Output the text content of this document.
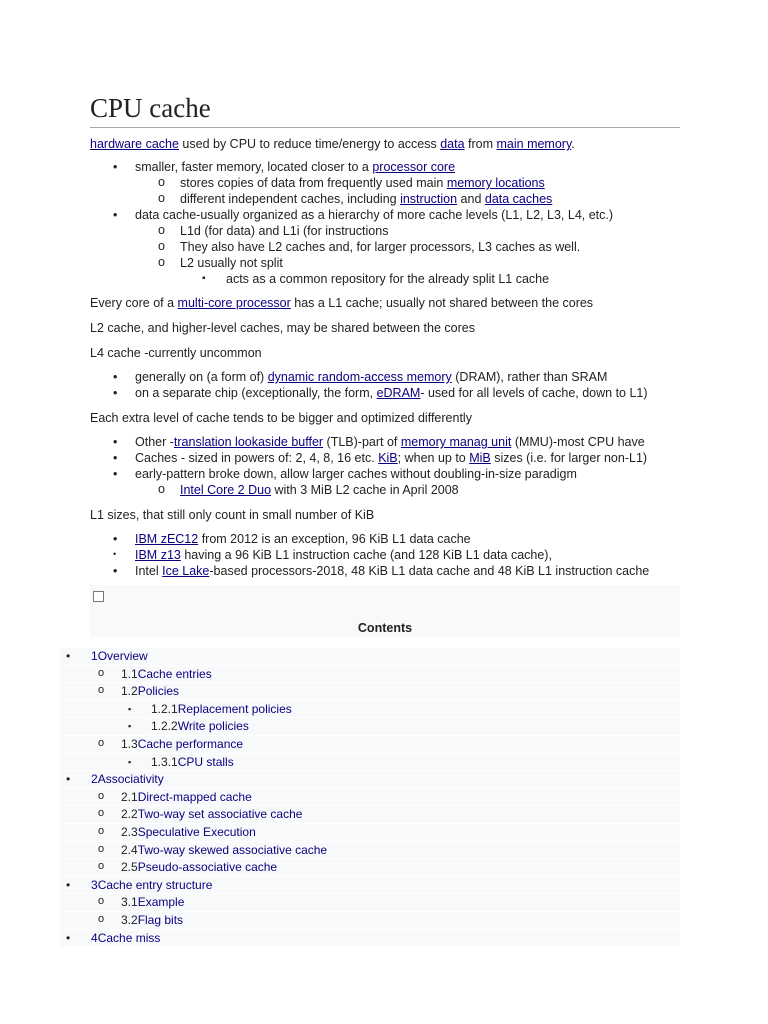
CPU cache

hardware cache used by CPU to reduce time/energy to access data from main memory.

• smaller, faster memory, located closer to a processor core
o stores copies of data from frequently used main memory locations
o different independent caches, including instruction and data caches
• data cache-usually organized as a hierarchy of more cache levels (L1, L2, L3, L4, etc.)
o L1d (for data) and L1i (for instructions
o They also have L2 caches and, for larger processors, L3 caches as well.
o L2 usually not split
▪ acts as a common repository for the already split L1 cache

Every core of a multi-core processor has a L1 cache; usually not shared between the cores

L2 cache, and higher-level caches, may be shared between the cores

L4 cache -currently uncommon

• generally on (a form of) dynamic random-access memory (DRAM), rather than SRAM
• on a separate chip (exceptionally, the form, eDRAM- used for all levels of cache, down to L1)

Each extra level of cache tends to be bigger and optimized differently

• Other -translation lookaside buffer (TLB)-part of memory manag unit (MMU)-most CPU have
• Caches - sized in powers of: 2, 4, 8, 16 etc. KiB; when up to MiB sizes (i.e. for larger non-L1)
• early-pattern broke down, allow larger caches without doubling-in-size paradigm
o Intel Core 2 Duo with 3 MiB L2 cache in April 2008

L1 sizes, that still only count in small number of KiB

• IBM zEC12 from 2012 is an exception, 96 KiB L1 data cache
• IBM z13 having a 96 KiB L1 instruction cache (and 128 KiB L1 data cache),
• Intel Ice Lake-based processors-2018, 48 KiB L1 data cache and 48 KiB L1 instruction cache
Contents
• 1Overview
o 1.1Cache entries
o 1.2Policies
▪ 1.2.1Replacement policies
▪ 1.2.2Write policies
o 1.3Cache performance
▪ 1.3.1CPU stalls
• 2Associativity
o 2.1Direct-mapped cache
o 2.2Two-way set associative cache
o 2.3Speculative Execution
o 2.4Two-way skewed associative cache
o 2.5Pseudo-associative cache
• 3Cache entry structure
o 3.1Example
o 3.2Flag bits
• 4Cache miss
